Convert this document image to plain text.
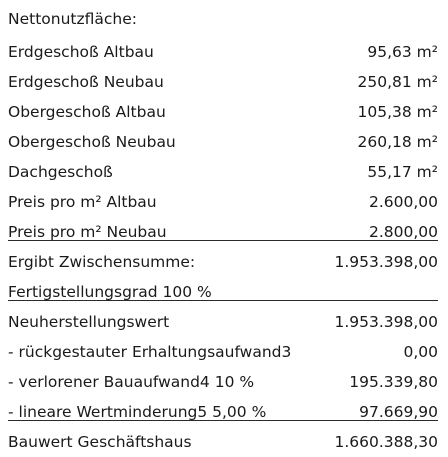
Nettonutzfläche:
Erdgeschoß Altbau	95,63 m²
Erdgeschoß Neubau	250,81 m²
Obergeschoß Altbau	105,38 m²
Obergeschoß Neubau	260,18 m²
Dachgeschoß	55,17 m²
Preis pro m² Altbau	2.600,00
Preis pro m² Neubau	2.800,00
Ergibt Zwischensumme:	1.953.398,00
Fertigstellungsgrad 100 %
Neuherstellungswert	1.953.398,00
- rückgestauter Erhaltungsaufwand3	0,00
- verlorener Bauaufwand4 10 %	195.339,80
- lineare Wertminderung5 5,00 %	97.669,90
Bauwert Geschäftshaus	1.660.388,30
